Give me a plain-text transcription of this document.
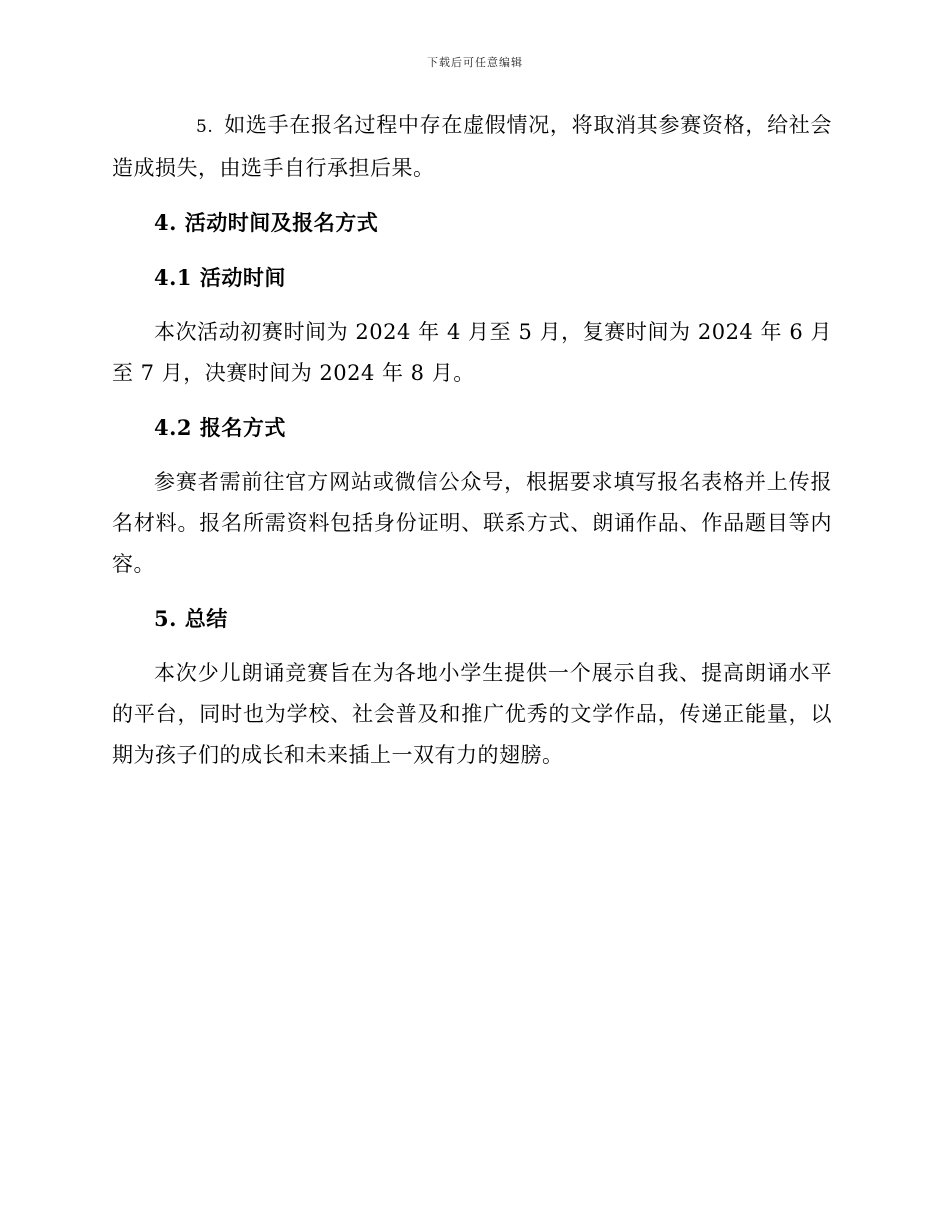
下载后可任意编辑

5. 如选手在报名过程中存在虚假情况，将取消其参赛资格，给社会造成损失，由选手自行承担后果。

4. 活动时间及报名方式
4.1 活动时间

本次活动初赛时间为 2024 年 4 月至 5 月，复赛时间为 2024 年 6 月至 7 月，决赛时间为 2024 年 8 月。

4.2 报名方式

参赛者需前往官方网站或微信公众号，根据要求填写报名表格并上传报名材料。报名所需资料包括身份证明、联系方式、朗诵作品、作品题目等内容。

5. 总结

本次少儿朗诵竞赛旨在为各地小学生提供一个展示自我、提高朗诵水平的平台，同时也为学校、社会普及和推广优秀的文学作品，传递正能量，以期为孩子们的成长和未来插上一双有力的翅膀。
